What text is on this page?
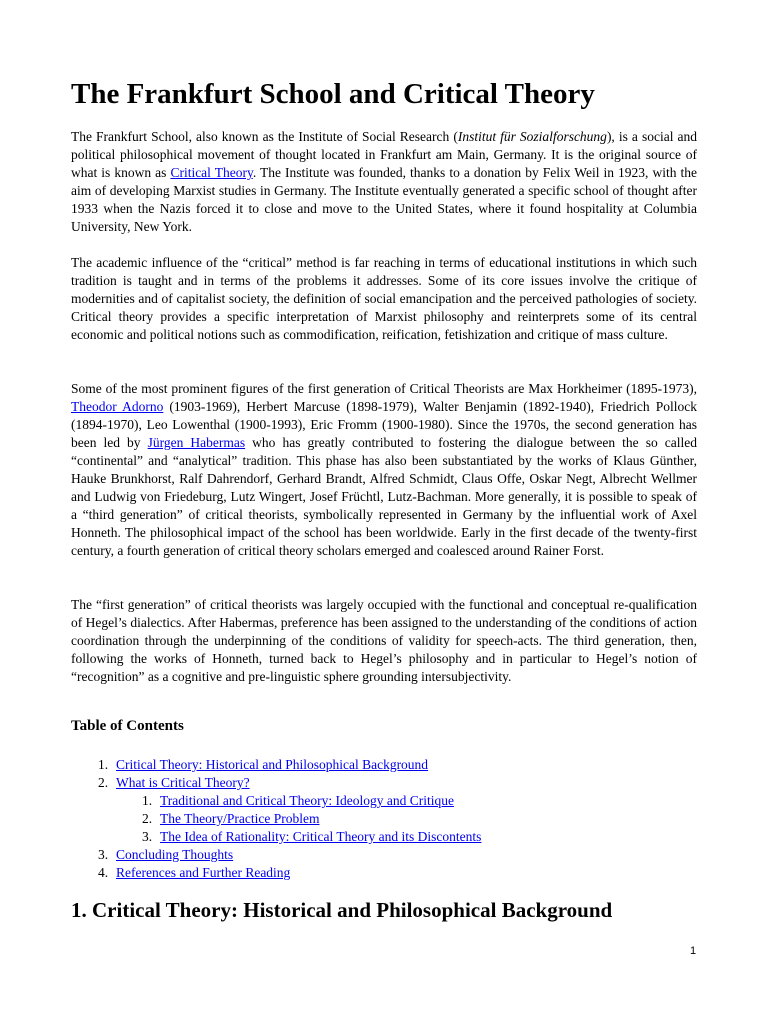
The Frankfurt School and Critical Theory

The Frankfurt School, also known as the Institute of Social Research (Institut für Sozialforschung), is a social and political philosophical movement of thought located in Frankfurt am Main, Germany. It is the original source of what is known as Critical Theory. The Institute was founded, thanks to a donation by Felix Weil in 1923, with the aim of developing Marxist studies in Germany. The Institute eventually generated a specific school of thought after 1933 when the Nazis forced it to close and move to the United States, where it found hospitality at Columbia University, New York.

The academic influence of the “critical” method is far reaching in terms of educational institutions in which such tradition is taught and in terms of the problems it addresses. Some of its core issues involve the critique of modernities and of capitalist society, the definition of social emancipation and the perceived pathologies of society. Critical theory provides a specific interpretation of Marxist philosophy and reinterprets some of its central economic and political notions such as commodification, reification, fetishization and critique of mass culture.

Some of the most prominent figures of the first generation of Critical Theorists are Max Horkheimer (1895-1973), Theodor Adorno (1903-1969), Herbert Marcuse (1898-1979), Walter Benjamin (1892-1940), Friedrich Pollock (1894-1970), Leo Lowenthal (1900-1993), Eric Fromm (1900-1980). Since the 1970s, the second generation has been led by Jürgen Habermas who has greatly contributed to fostering the dialogue between the so called “continental” and “analytical” tradition. This phase has also been substantiated by the works of Klaus Günther, Hauke Brunkhorst, Ralf Dahrendorf, Gerhard Brandt, Alfred Schmidt, Claus Offe, Oskar Negt, Albrecht Wellmer and Ludwig von Friedeburg, Lutz Wingert, Josef Früchtl, Lutz-Bachman. More generally, it is possible to speak of a “third generation” of critical theorists, symbolically represented in Germany by the influential work of Axel Honneth. The philosophical impact of the school has been worldwide. Early in the first decade of the twenty-first century, a fourth generation of critical theory scholars emerged and coalesced around Rainer Forst.

The “first generation” of critical theorists was largely occupied with the functional and conceptual re-qualification of Hegel’s dialectics. After Habermas, preference has been assigned to the understanding of the conditions of action coordination through the underpinning of the conditions of validity for speech-acts. The third generation, then, following the works of Honneth, turned back to Hegel’s philosophy and in particular to Hegel’s notion of “recognition” as a cognitive and pre-linguistic sphere grounding intersubjectivity.

Table of Contents
1. Critical Theory: Historical and Philosophical Background
2. What is Critical Theory?
1. Traditional and Critical Theory: Ideology and Critique
2. The Theory/Practice Problem
3. The Idea of Rationality: Critical Theory and its Discontents
3. Concluding Thoughts
4. References and Further Reading
1. Critical Theory: Historical and Philosophical Background
1
